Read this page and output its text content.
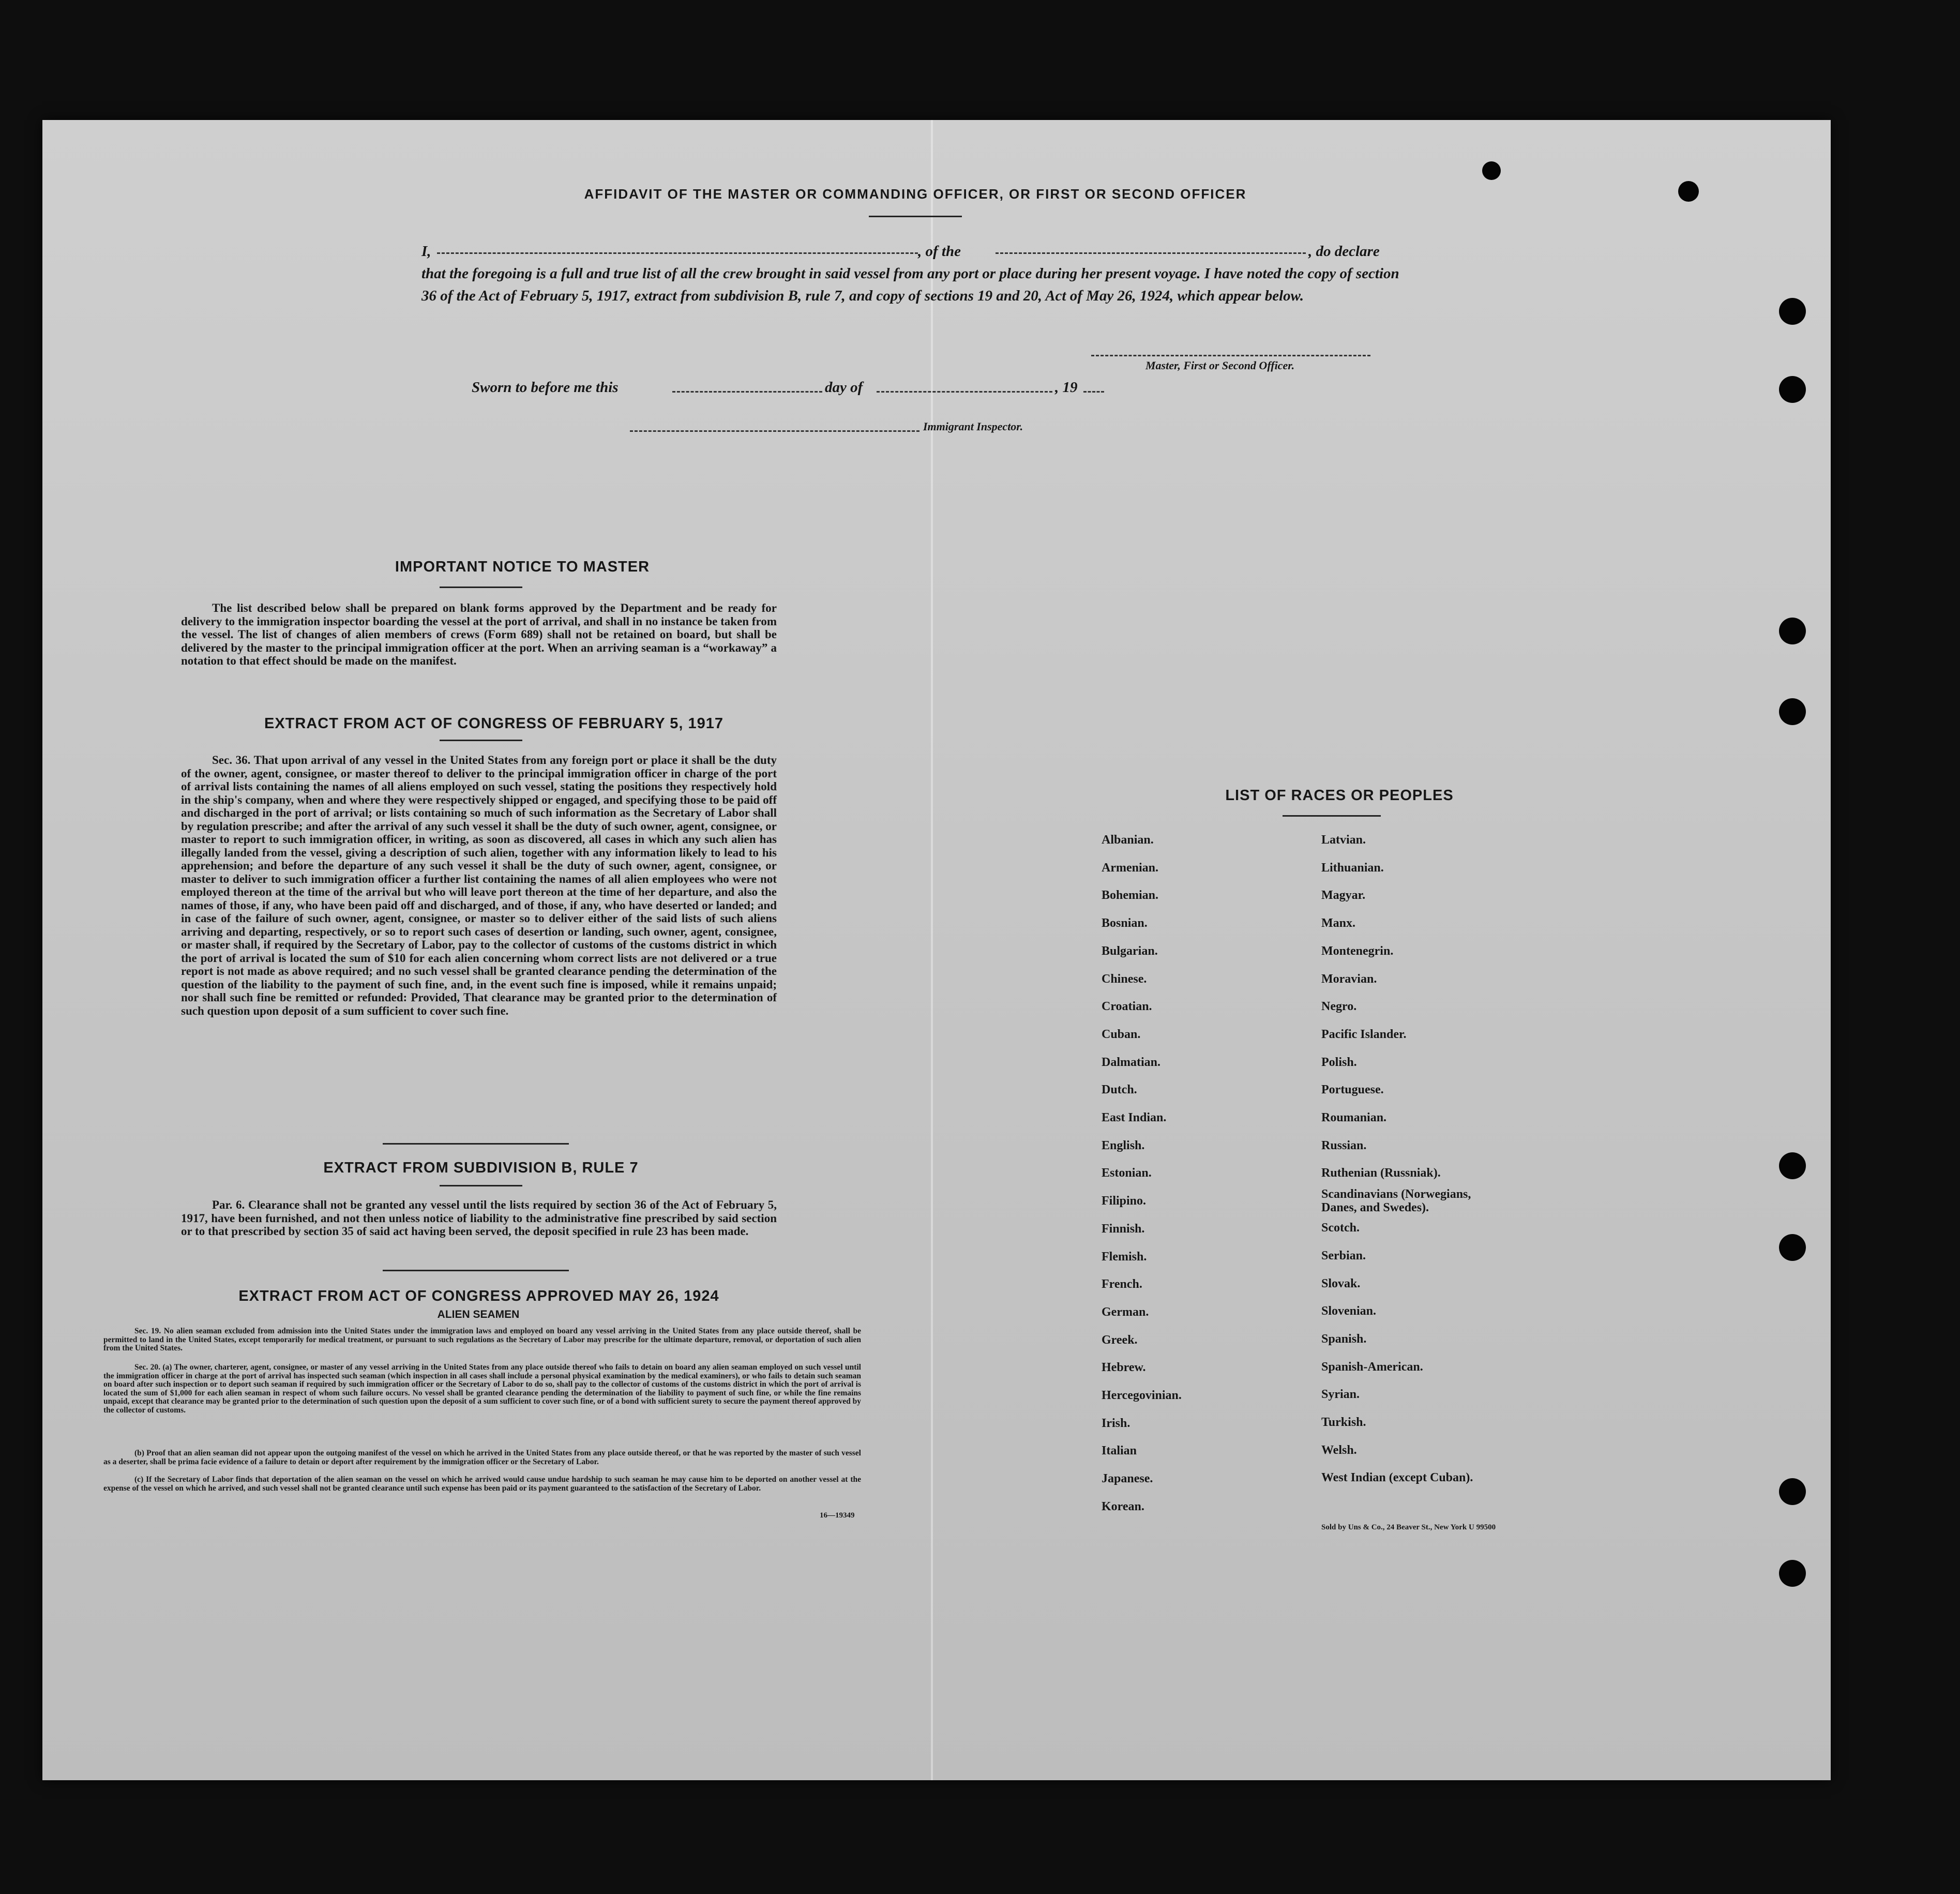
AFFIDAVIT OF THE MASTER OR COMMANDING OFFICER, OR FIRST OR SECOND OFFICER
I,	, of the	, do declare
that the foregoing is a full and true list of all the crew brought in said vessel from any port or place during her present voyage. I have noted the copy of section 36 of the Act of February 5, 1917, extract from subdivision B, rule 7, and copy of sections 19 and 20, Act of May 26, 1924, which appear below.
Master, First or Second Officer.
Sworn to before me this	day of	, 19
Immigrant Inspector.
IMPORTANT NOTICE TO MASTER
The list described below shall be prepared on blank forms approved by the Department and be ready for delivery to the immigration inspector boarding the vessel at the port of arrival, and shall in no instance be taken from the vessel. The list of changes of alien members of crews (Form 689) shall not be retained on board, but shall be delivered by the master to the principal immigration officer at the port. When an arriving seaman is a “workaway” a notation to that effect should be made on the manifest.
EXTRACT FROM ACT OF CONGRESS OF FEBRUARY 5, 1917
Sec. 36. That upon arrival of any vessel in the United States from any foreign port or place it shall be the duty of the owner, agent, consignee, or master thereof to deliver to the principal immigration officer in charge of the port of arrival lists containing the names of all aliens employed on such vessel, stating the positions they respectively hold in the ship's company, when and where they were respectively shipped or engaged, and specifying those to be paid off and discharged in the port of arrival; or lists containing so much of such information as the Secretary of Labor shall by regulation prescribe; and after the arrival of any such vessel it shall be the duty of such owner, agent, consignee, or master to report to such immigration officer, in writing, as soon as discovered, all cases in which any such alien has illegally landed from the vessel, giving a description of such alien, together with any information likely to lead to his apprehension; and before the departure of any such vessel it shall be the duty of such owner, agent, consignee, or master to deliver to such immigration officer a further list containing the names of all alien employees who were not employed thereon at the time of the arrival but who will leave port thereon at the time of her departure, and also the names of those, if any, who have been paid off and discharged, and of those, if any, who have deserted or landed; and in case of the failure of such owner, agent, consignee, or master so to deliver either of the said lists of such aliens arriving and departing, respectively, or so to report such cases of desertion or landing, such owner, agent, consignee, or master shall, if required by the Secretary of Labor, pay to the collector of customs of the customs district in which the port of arrival is located the sum of $10 for each alien concerning whom correct lists are not delivered or a true report is not made as above required; and no such vessel shall be granted clearance pending the determination of the question of the liability to the payment of such fine, and, in the event such fine is imposed, while it remains unpaid; nor shall such fine be remitted or refunded: Provided, That clearance may be granted prior to the determination of such question upon deposit of a sum sufficient to cover such fine.
EXTRACT FROM SUBDIVISION B, RULE 7
Par. 6. Clearance shall not be granted any vessel until the lists required by section 36 of the Act of February 5, 1917, have been furnished, and not then unless notice of liability to the administrative fine prescribed by said section or to that prescribed by section 35 of said act having been served, the deposit specified in rule 23 has been made.
EXTRACT FROM ACT OF CONGRESS APPROVED MAY 26, 1924
ALIEN SEAMEN
Sec. 19. No alien seaman excluded from admission into the United States under the immigration laws and employed on board any vessel arriving in the United States from any place outside thereof, shall be permitted to land in the United States, except temporarily for medical treatment, or pursuant to such regulations as the Secretary of Labor may prescribe for the ultimate departure, removal, or deportation of such alien from the United States.
Sec. 20. (a) The owner, charterer, agent, consignee, or master of any vessel arriving in the United States from any place outside thereof who fails to detain on board any alien seaman employed on such vessel until the immigration officer in charge at the port of arrival has inspected such seaman (which inspection in all cases shall include a personal physical examination by the medical examiners), or who fails to detain such seaman on board after such inspection or to deport such seaman if required by such immigration officer or the Secretary of Labor to do so, shall pay to the collector of customs of the customs district in which the port of arrival is located the sum of $1,000 for each alien seaman in respect of whom such failure occurs. No vessel shall be granted clearance pending the determination of the liability to payment of such fine, or while the fine remains unpaid, except that clearance may be granted prior to the determination of such question upon the deposit of a sum sufficient to cover such fine, or of a bond with sufficient surety to secure the payment thereof approved by the collector of customs.
(b) Proof that an alien seaman did not appear upon the outgoing manifest of the vessel on which he arrived in the United States from any place outside thereof, or that he was reported by the master of such vessel as a deserter, shall be prima facie evidence of a failure to detain or deport after requirement by the immigration officer or the Secretary of Labor.
(c) If the Secretary of Labor finds that deportation of the alien seaman on the vessel on which he arrived would cause undue hardship to such seaman he may cause him to be deported on another vessel at the expense of the vessel on which he arrived, and such vessel shall not be granted clearance until such expense has been paid or its payment guaranteed to the satisfaction of the Secretary of Labor.
16—19349
LIST OF RACES OR PEOPLES
Albanian.
Armenian.
Bohemian.
Bosnian.
Bulgarian.
Chinese.
Croatian.
Cuban.
Dalmatian.
Dutch.
East Indian.
English.
Estonian.
Filipino.
Finnish.
Flemish.
French.
German.
Greek.
Hebrew.
Hercegovinian.
Irish.
Italian
Japanese.
Korean.
Latvian.
Lithuanian.
Magyar.
Manx.
Montenegrin.
Moravian.
Negro.
Pacific Islander.
Polish.
Portuguese.
Roumanian.
Russian.
Ruthenian (Russniak).
Scandinavians (Norwegians,
Danes, and Swedes).
Scotch.
Serbian.
Slovak.
Slovenian.
Spanish.
Spanish-American.
Syrian.
Turkish.
Welsh.
West Indian (except Cuban).
Sold by Uns & Co., 24 Beaver St., New York U 99500
